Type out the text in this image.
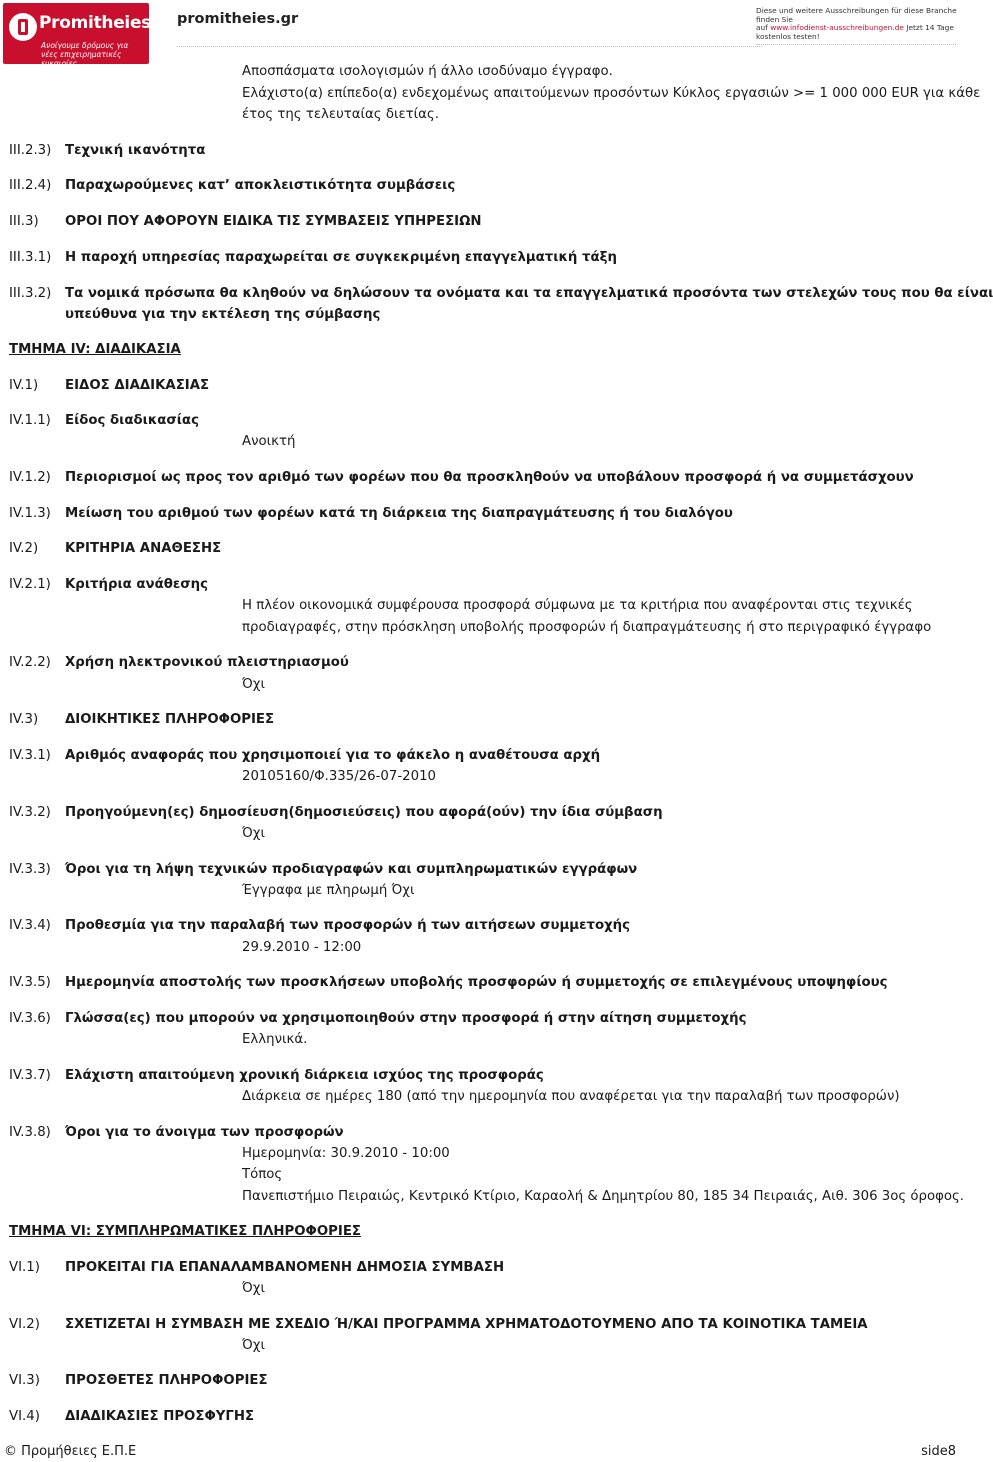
Promitheies.gr
Ανοίγουμε δρόμους για νέες επιχειρηματικές ευκαιρίες
promitheies.gr
Diese und weitere Ausschreibungen für diese Branche finden Sie
auf www.infodienst-ausschreibungen.de Jetzt 14 Tage
kostenlos testen!
Αποσπάσματα ισολογισμών ή άλλο ισοδύναμο έγγραφο.
Ελάχιστο(α) επίπεδο(α) ενδεχομένως απαιτούμενων προσόντων Κύκλος εργασιών >= 1 000 000 EUR για κάθε
έτος της τελευταίας διετίας.
III.2.3) Τεχνική ικανότητα
III.2.4) Παραχωρούμενες κατ’ αποκλειστικότητα συμβάσεις
III.3) ΟΡΟΙ ΠΟΥ ΑΦΟΡΟΥΝ ΕΙΔΙΚΑ ΤΙΣ ΣΥΜΒΑΣΕΙΣ ΥΠΗΡΕΣΙΩΝ
III.3.1) Η παροχή υπηρεσίας παραχωρείται σε συγκεκριμένη επαγγελματική τάξη
III.3.2) Τα νομικά πρόσωπα θα κληθούν να δηλώσουν τα ονόματα και τα επαγγελματικά προσόντα των στελεχών τους που θα είναι
υπεύθυνα για την εκτέλεση της σύμβασης
ΤΜΗΜΑ IV: ΔΙΑΔΙΚΑΣΙΑ
IV.1) ΕΙΔΟΣ ΔΙΑΔΙΚΑΣΙΑΣ
IV.1.1) Είδος διαδικασίας
Ανοικτή
IV.1.2) Περιορισμοί ως προς τον αριθμό των φορέων που θα προσκληθούν να υποβάλουν προσφορά ή να συμμετάσχουν
IV.1.3) Μείωση του αριθμού των φορέων κατά τη διάρκεια της διαπραγμάτευσης ή του διαλόγου
IV.2) ΚΡΙΤΗΡΙΑ ΑΝΑΘΕΣΗΣ
IV.2.1) Κριτήρια ανάθεσης
Η πλέον οικονομικά συμφέρουσα προσφορά σύμφωνα με τα κριτήρια που αναφέρονται στις τεχνικές
προδιαγραφές, στην πρόσκληση υποβολής προσφορών ή διαπραγμάτευσης ή στο περιγραφικό έγγραφο
IV.2.2) Χρήση ηλεκτρονικού πλειστηριασμού
Όχι
IV.3) ΔΙΟΙΚΗΤΙΚΕΣ ΠΛΗΡΟΦΟΡΙΕΣ
IV.3.1) Αριθμός αναφοράς που χρησιμοποιεί για το φάκελο η αναθέτουσα αρχή
20105160/Φ.335/26-07-2010
IV.3.2) Προηγούμενη(ες) δημοσίευση(δημοσιεύσεις) που αφορά(ούν) την ίδια σύμβαση
Όχι
IV.3.3) Όροι για τη λήψη τεχνικών προδιαγραφών και συμπληρωματικών εγγράφων
Έγγραφα με πληρωμή Όχι
IV.3.4) Προθεσμία για την παραλαβή των προσφορών ή των αιτήσεων συμμετοχής
29.9.2010 - 12:00
IV.3.5) Ημερομηνία αποστολής των προσκλήσεων υποβολής προσφορών ή συμμετοχής σε επιλεγμένους υποψηφίους
IV.3.6) Γλώσσα(ες) που μπορούν να χρησιμοποιηθούν στην προσφορά ή στην αίτηση συμμετοχής
Ελληνικά.
IV.3.7) Ελάχιστη απαιτούμενη χρονική διάρκεια ισχύος της προσφοράς
Διάρκεια σε ημέρες 180 (από την ημερομηνία που αναφέρεται για την παραλαβή των προσφορών)
IV.3.8) Όροι για το άνοιγμα των προσφορών
Ημερομηνία: 30.9.2010 - 10:00
Τόπος
Πανεπιστήμιο Πειραιώς, Κεντρικό Κτίριο, Καραολή & Δημητρίου 80, 185 34 Πειραιάς, Αιθ. 306 3ος όροφος.
ΤΜΗΜΑ VI: ΣΥΜΠΛΗΡΩΜΑΤΙΚΕΣ ΠΛΗΡΟΦΟΡΙΕΣ
VI.1) ΠΡΟΚΕΙΤΑΙ ΓΙΑ ΕΠΑΝΑΛΑΜΒΑΝΟΜΕΝΗ ΔΗΜΟΣΙΑ ΣΥΜΒΑΣΗ
Όχι
VI.2) ΣΧΕΤΙΖΕΤΑΙ Η ΣΥΜΒΑΣΗ ΜΕ ΣΧΕΔΙΟ Ή/ΚΑΙ ΠΡΟΓΡΑΜΜΑ ΧΡΗΜΑΤΟΔΟΤΟΥΜΕΝΟ ΑΠΟ ΤΑ ΚΟΙΝΟΤΙΚΑ ΤΑΜΕΙΑ
Όχι
VI.3) ΠΡΟΣΘΕΤΕΣ ΠΛΗΡΟΦΟΡΙΕΣ
VI.4) ΔΙΑΔΙΚΑΣΙΕΣ ΠΡΟΣΦΥΓΗΣ
© Προμήθειες Ε.Π.Ε	side8
